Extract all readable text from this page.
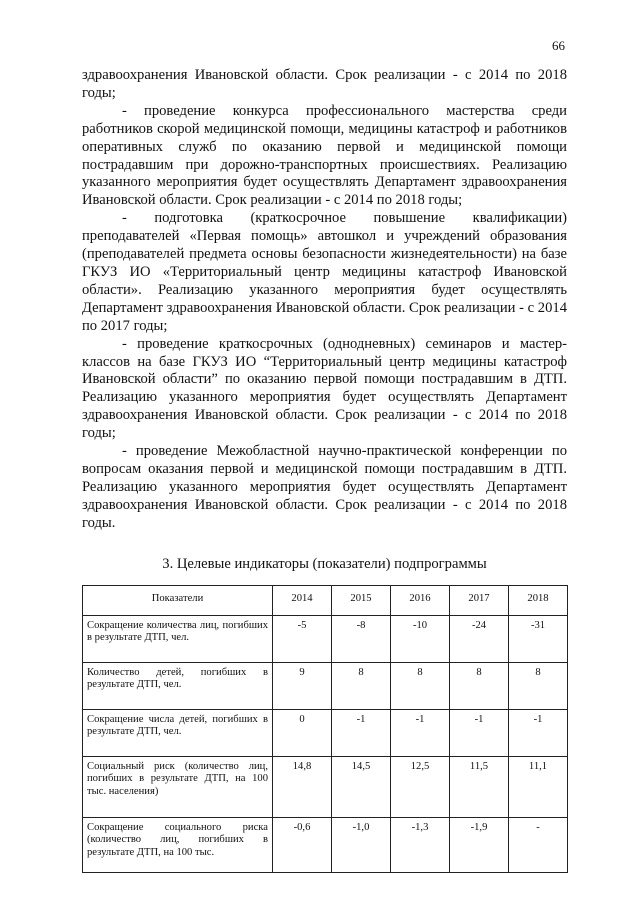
66

здравоохранения Ивановской области. Срок реализации - с 2014 по 2018 годы;

- проведение конкурса профессионального мастерства среди работников скорой медицинской помощи, медицины катастроф и работников оперативных служб по оказанию первой и медицинской помощи пострадавшим при дорожно-транспортных происшествиях. Реализацию указанного мероприятия будет осуществлять Департамент здравоохранения Ивановской области. Срок реализации - с 2014 по 2018 годы;

- подготовка (краткосрочное повышение квалификации) преподавателей «Первая помощь» автошкол и учреждений образования (преподавателей предмета основы безопасности жизнедеятельности) на базе ГКУЗ ИО «Территориальный центр медицины катастроф Ивановской области». Реализацию указанного мероприятия будет осуществлять Департамент здравоохранения Ивановской области. Срок реализации - с 2014 по 2017 годы;

- проведение краткосрочных (однодневных) семинаров и мастер-классов на базе ГКУЗ ИО “Территориальный центр медицины катастроф Ивановской области” по оказанию первой помощи пострадавшим в ДТП. Реализацию указанного мероприятия будет осуществлять Департамент здравоохранения Ивановской области. Срок реализации - с 2014 по 2018 годы;

- проведение Межобластной научно-практической конференции по вопросам оказания первой и медицинской помощи пострадавшим в ДТП. Реализацию указанного мероприятия будет осуществлять Департамент здравоохранения Ивановской области. Срок реализации - с 2014 по 2018 годы.

3. Целевые индикаторы (показатели) подпрограммы
Показатели	2014	2015	2016	2017	2018
Сокращение количества лиц, погибших в результате ДТП, чел.	-5	-8	-10	-24	-31
Количество детей, погибших в результате ДТП, чел.	9	8	8	8	8
Сокращение числа детей, погибших в результате ДТП, чел.	0	-1	-1	-1	-1
Социальный риск (количество лиц, погибших в результате ДТП, на 100 тыс. населения)	14,8	14,5	12,5	11,5	11,1
Сокращение социального риска (количество лиц, погибших в результате ДТП, на 100 тыс.	-0,6	-1,0	-1,3	-1,9	-
